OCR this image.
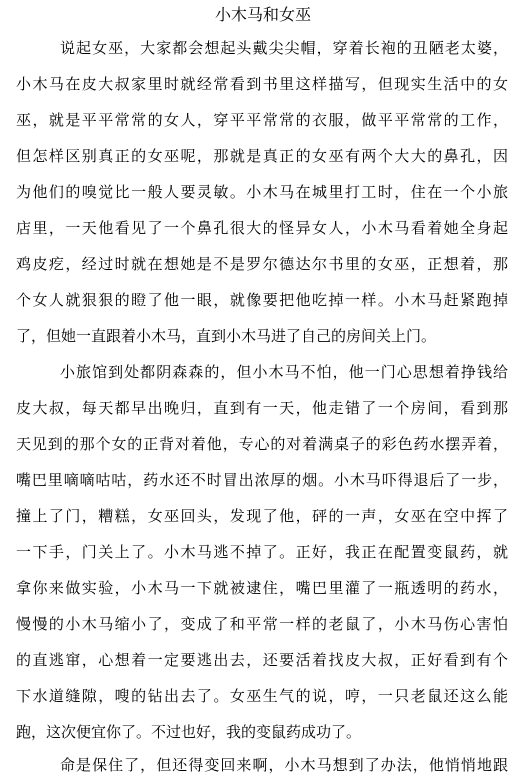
小木马和女巫
说起女巫，大家都会想起头戴尖尖帽，穿着长袍的丑陋老太婆，
小木马在皮大叔家里时就经常看到书里这样描写，但现实生活中的女
巫，就是平平常常的女人，穿平平常常的衣服，做平平常常的工作，
但怎样区别真正的女巫呢，那就是真正的女巫有两个大大的鼻孔，因
为他们的嗅觉比一般人要灵敏。小木马在城里打工时，住在一个小旅
店里，一天他看见了一个鼻孔很大的怪异女人，小木马看着她全身起
鸡皮疙，经过时就在想她是不是罗尔德达尔书里的女巫，正想着，那
个女人就狠狠的瞪了他一眼，就像要把他吃掉一样。小木马赶紧跑掉
了，但她一直跟着小木马，直到小木马进了自己的房间关上门。
小旅馆到处都阴森森的，但小木马不怕，他一门心思想着挣钱给
皮大叔，每天都早出晚归，直到有一天，他走错了一个房间，看到那
天见到的那个女的正背对着他，专心的对着满桌子的彩色药水摆弄着，
嘴巴里嘀嘀咕咕，药水还不时冒出浓厚的烟。小木马吓得退后了一步，
撞上了门，糟糕，女巫回头，发现了他，砰的一声，女巫在空中挥了
一下手，门关上了。小木马逃不掉了。正好，我正在配置变鼠药，就
拿你来做实验，小木马一下就被逮住，嘴巴里灌了一瓶透明的药水，
慢慢的小木马缩小了，变成了和平常一样的老鼠了，小木马伤心害怕
的直逃窜，心想着一定要逃出去，还要活着找皮大叔，正好看到有个
下水道缝隙，嗖的钻出去了。女巫生气的说，哼，一只老鼠还这么能
跑，这次便宜你了。不过也好，我的变鼠药成功了。
命是保住了，但还得变回来啊，小木马想到了办法，他悄悄地跟
